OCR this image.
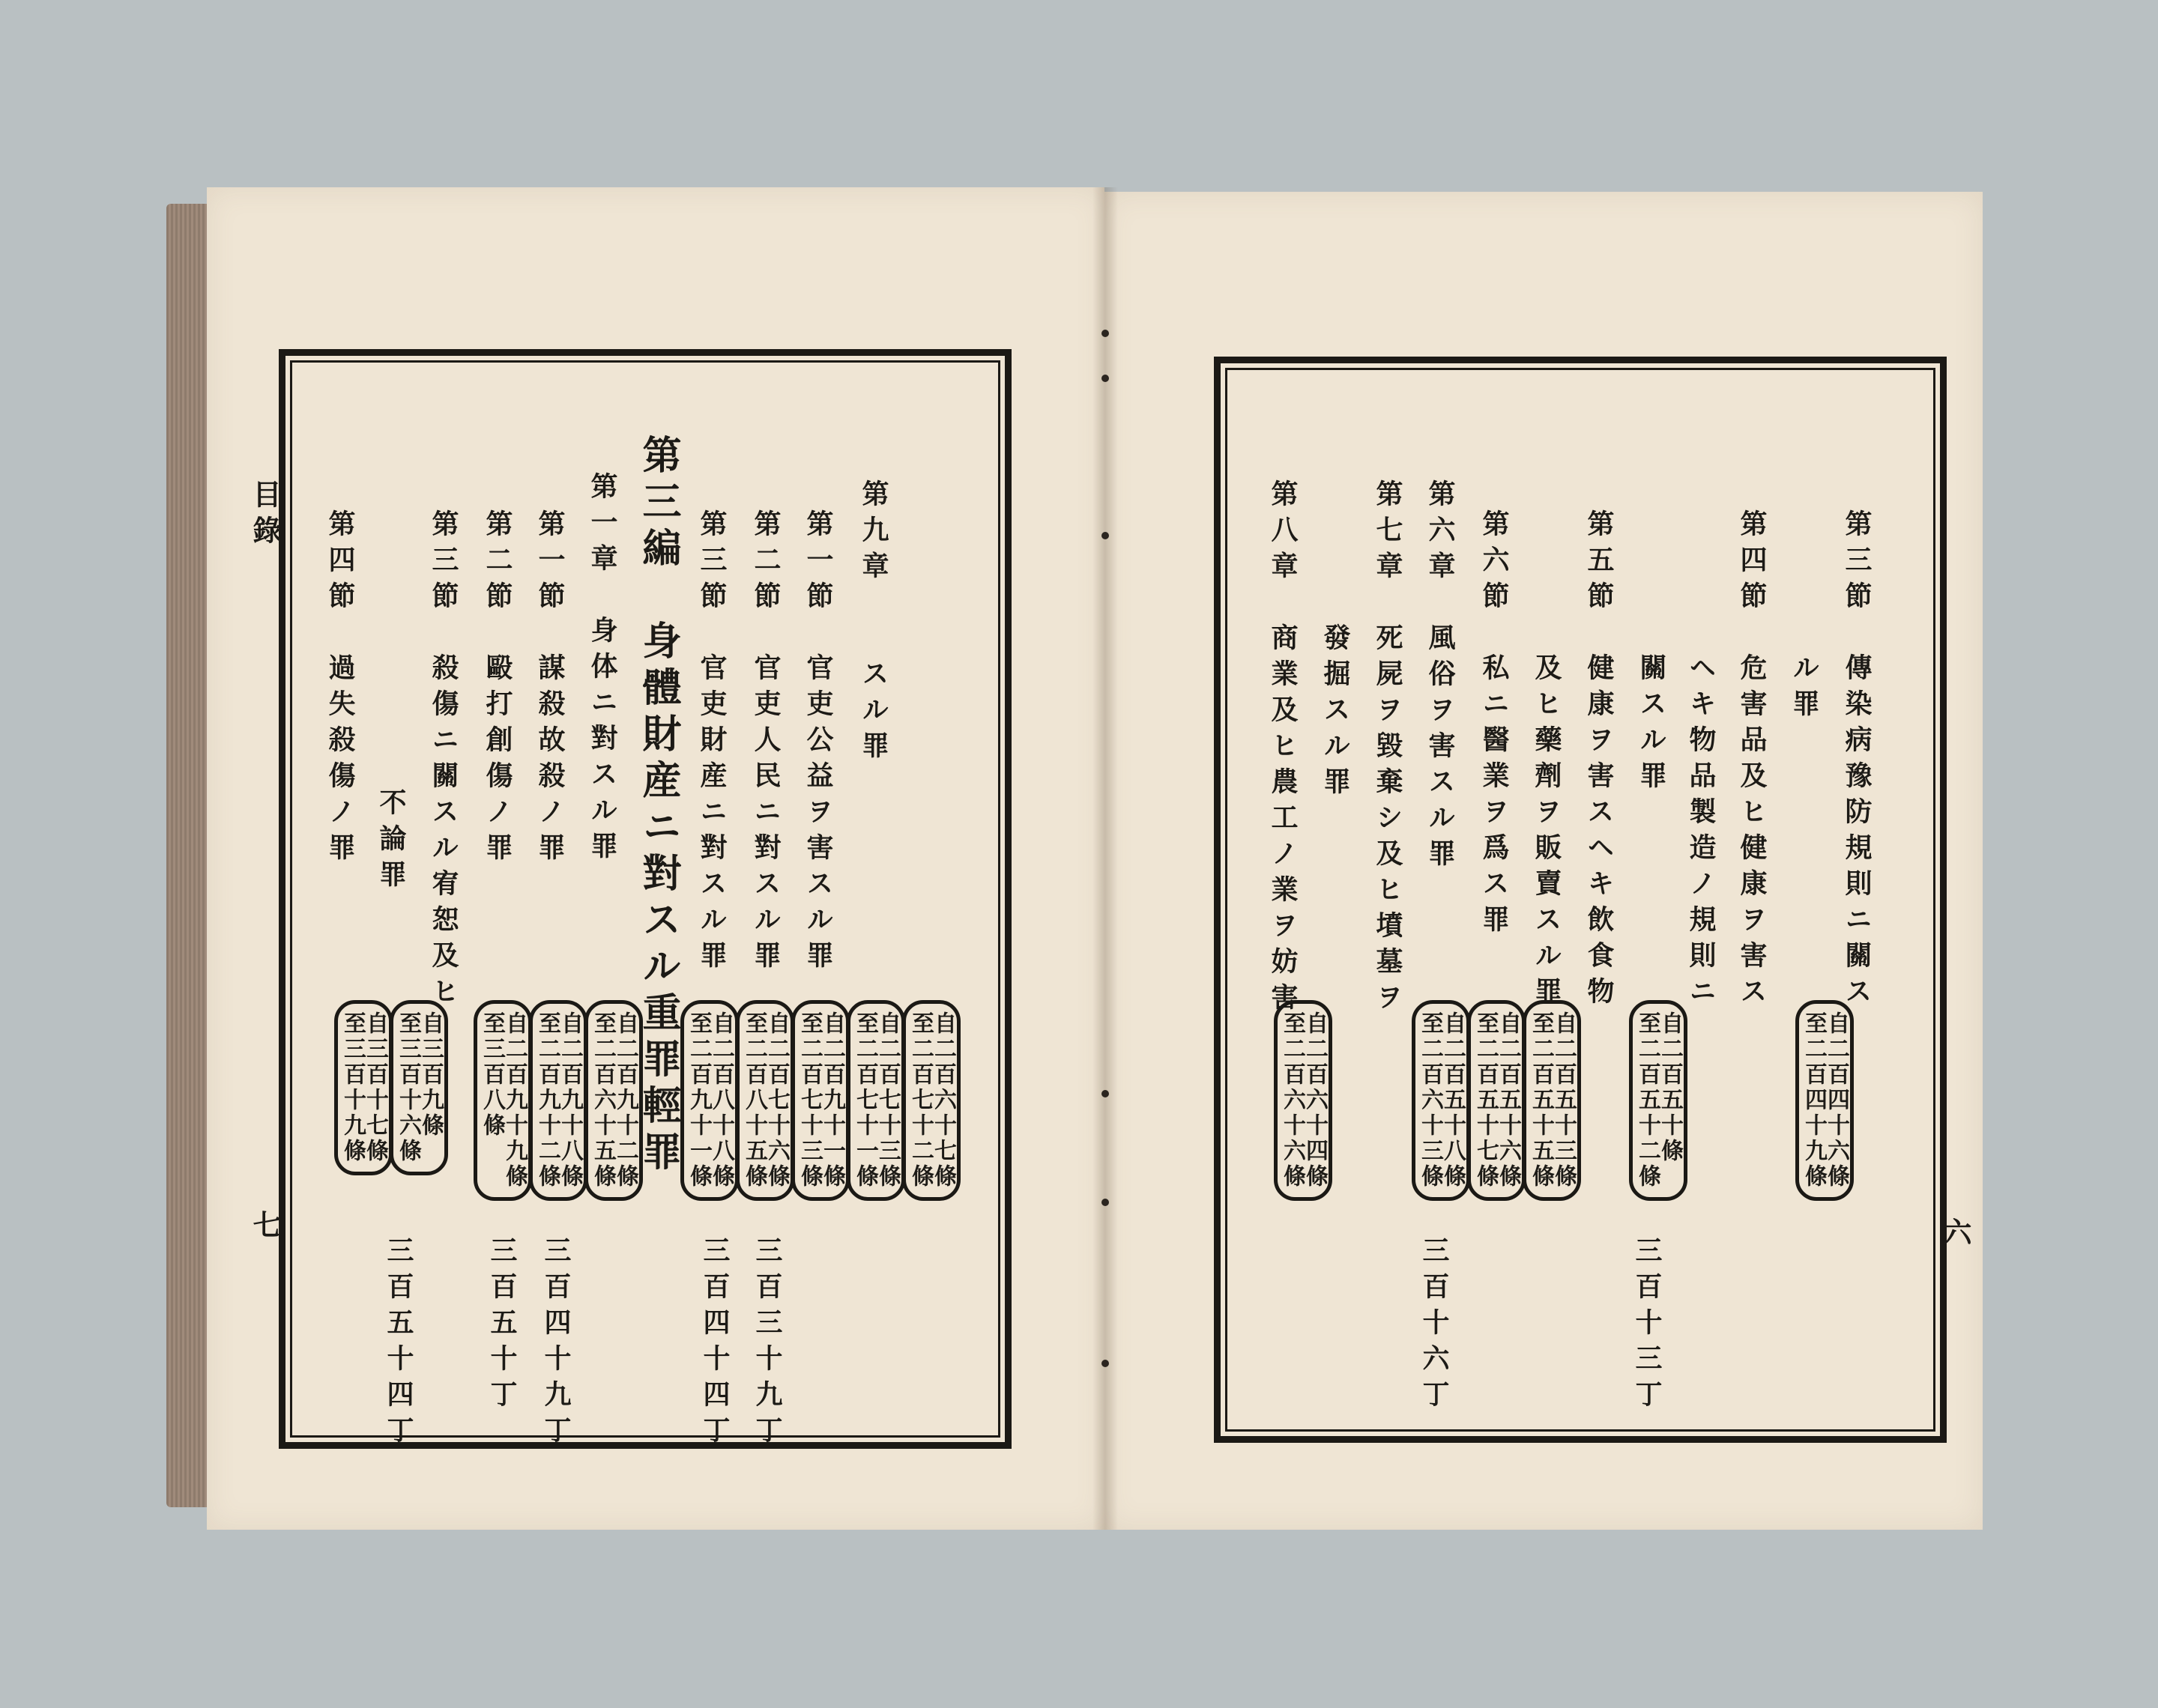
目錄
七
第九章　　スル罪
第一節　官吏公益ヲ害スル罪
第二節　官吏人民ニ對スル罪
第三節　官吏財産ニ對スル罪
第三編　身體財産ニ對スル重罪輕罪
第一章　身体ニ對スル罪
第一節　謀殺故殺ノ罪
第二節　毆打創傷ノ罪
第三節　殺傷ニ關スル宥恕及ヒ
　　　　不論罪
第四節　過失殺傷ノ罪
自二百六十七條
至二百七十二條
自二百七十三條
至二百七十一條
自二百九十一條
至二百七十三條
自二百七十六條
至二百八十五條
自二百八十八條
至二百九十一條
自二百九十二條
至二百六十五條
自二百九十八條
至二百九十二條
自二百九十九條
至三百八條
自三百九條
至三百十六條
自三百十七條
至三百十九條
三百三十九丁
三百四十四丁
三百四十九丁
三百五十丁
三百五十四丁
六
第三節　傳染病豫防規則ニ關ス
　　　　ル罪
第四節　危害品及ヒ健康ヲ害ス
　　　　ヘキ物品製造ノ規則ニ
　　　　關スル罪
第五節　健康ヲ害スヘキ飲食物
　　　　及ヒ藥劑ヲ販賣スル罪
第六節　私ニ醫業ヲ爲ス罪
第六章　風俗ヲ害スル罪
第七章　死屍ヲ毀棄シ及ヒ墳墓ヲ
　　　　發掘スル罪
第八章　商業及ヒ農工ノ業ヲ妨害
自二百四十六條
至二百四十九條
自二百五十條
至二百五十二條
自二百五十三條
至二百五十五條
自二百五十六條
至二百五十七條
自二百五十八條
至二百六十三條
自二百六十四條
至二百六十六條
三百十三丁
三百十六丁
